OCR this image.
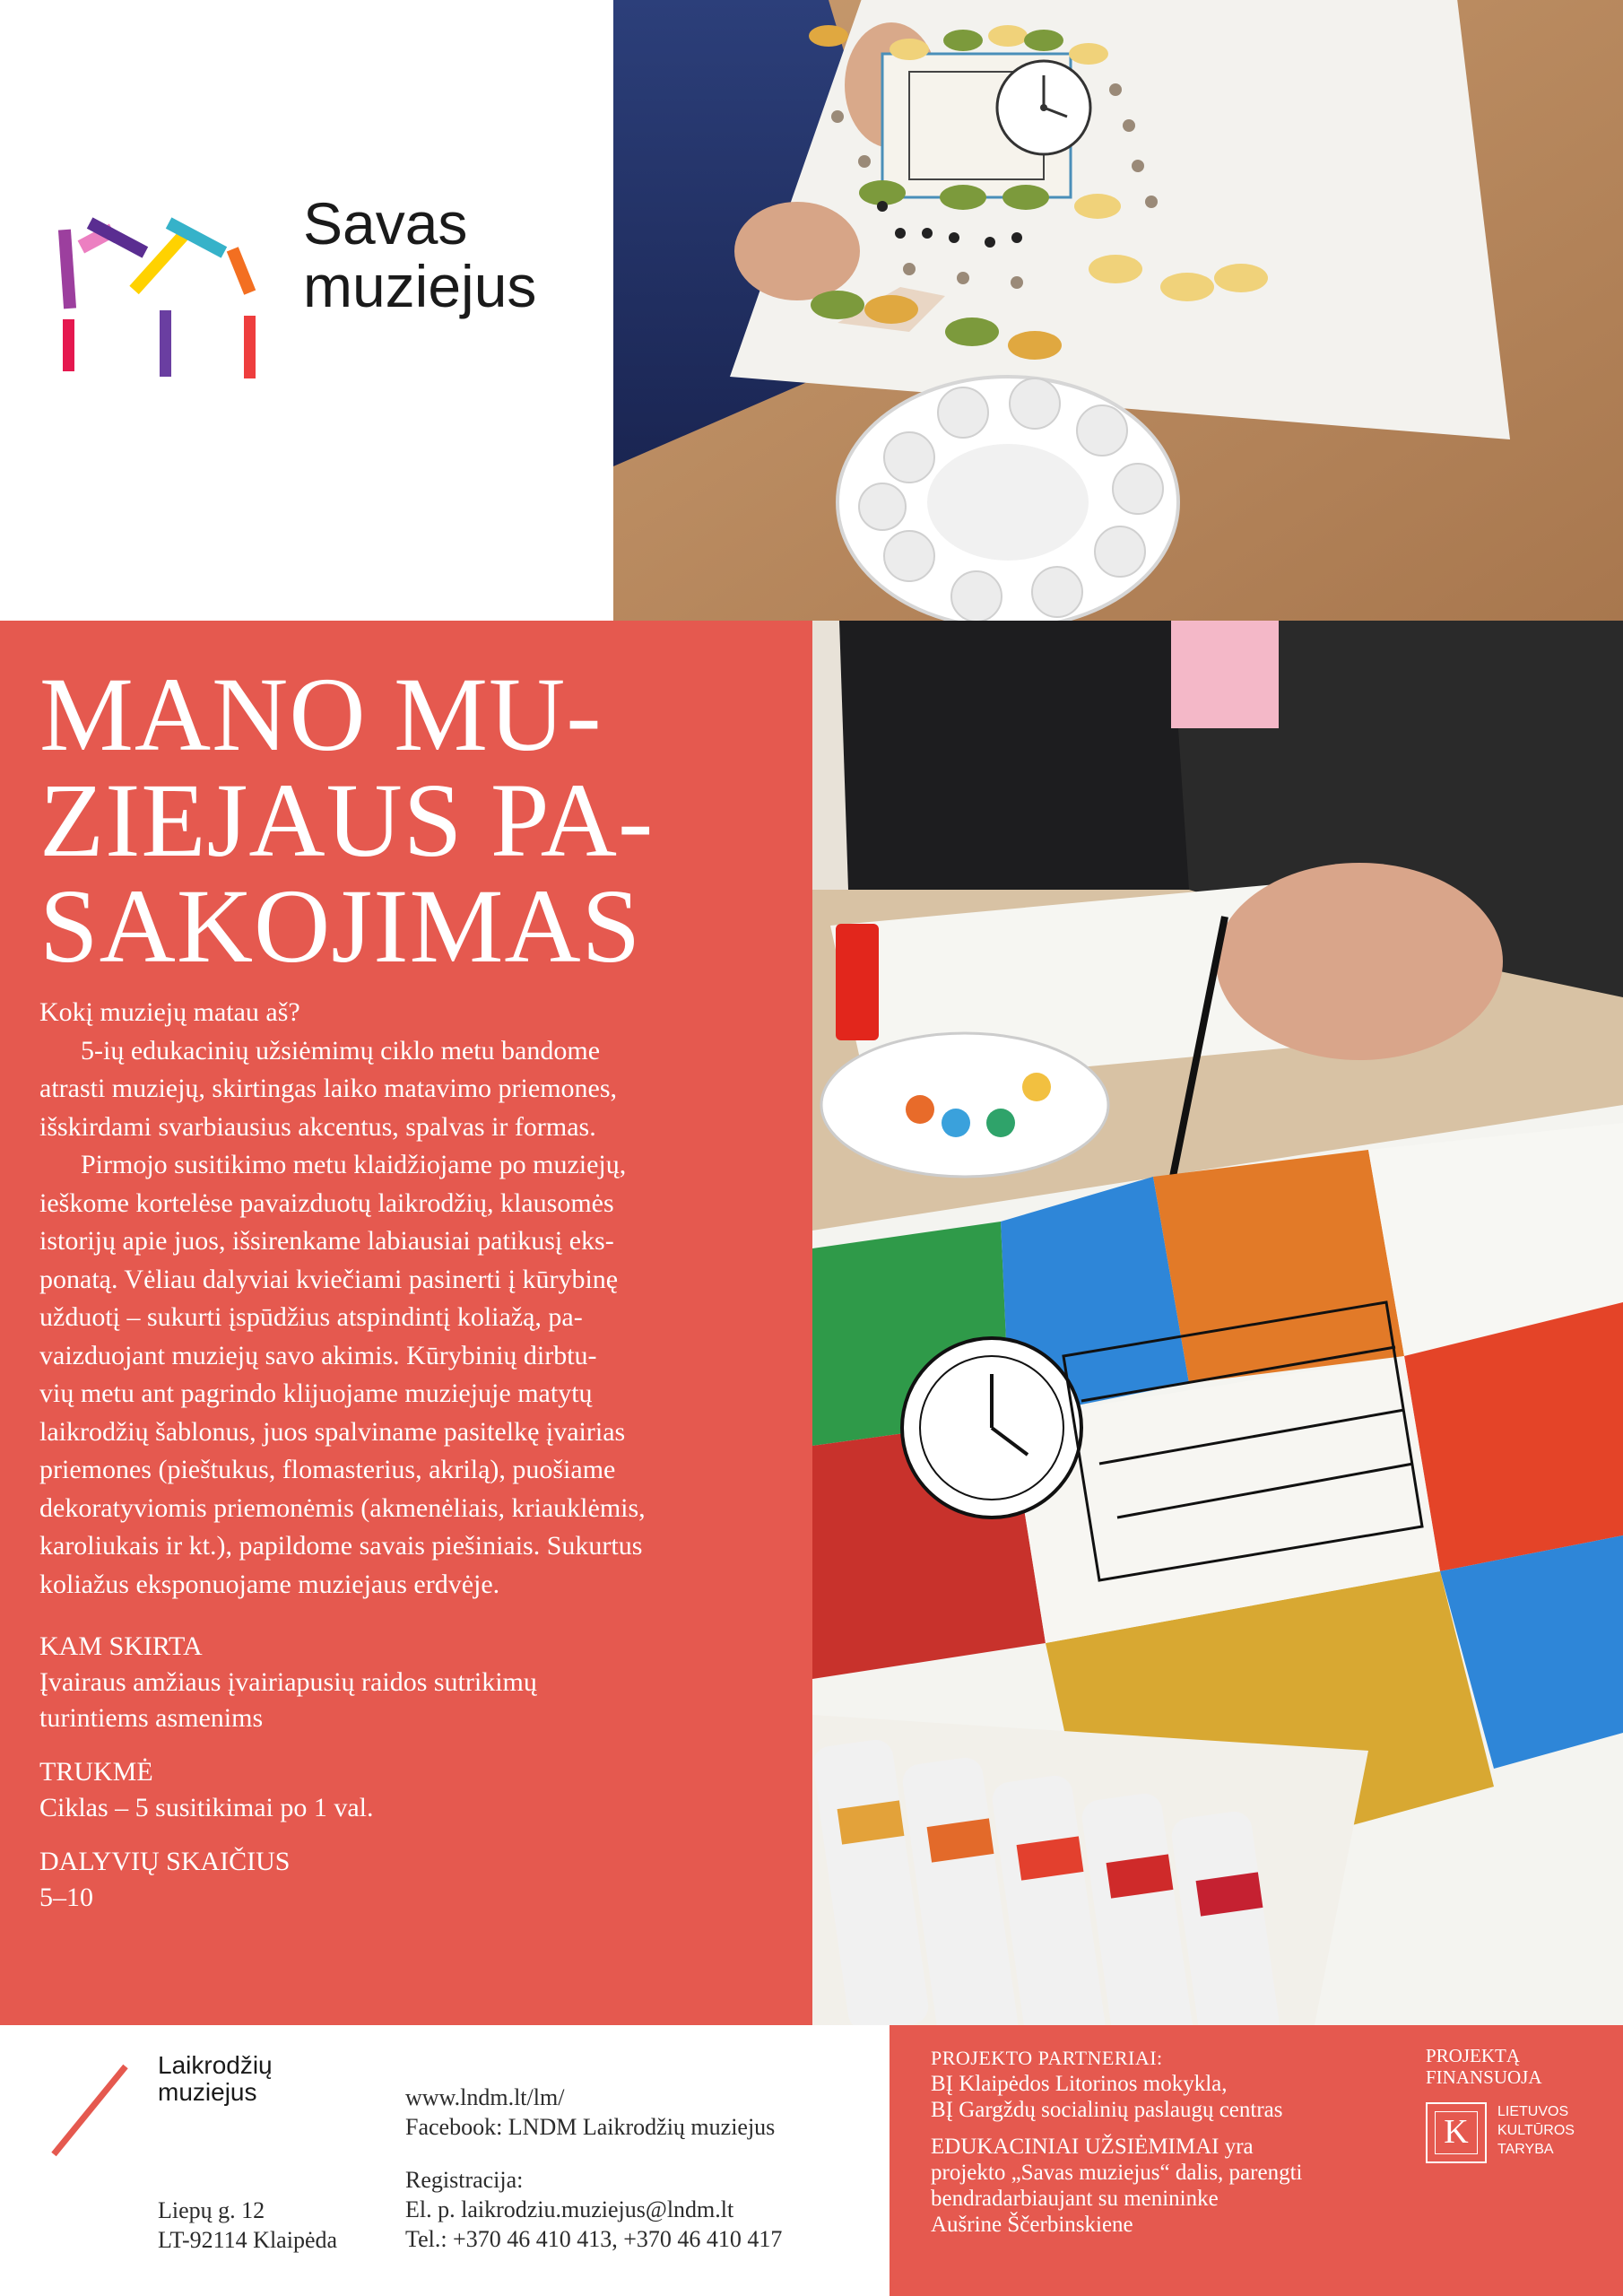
Savas
muziejus
MANO MU-
ZIEJAUS PA-
SAKOJIMAS

Kokį muziejų matau aš?

5-ių edukacinių užsiėmimų ciklo metu bandome

atrasti muziejų, skirtingas laiko matavimo priemones,

išskirdami svarbiausius akcentus, spalvas ir formas.

Pirmojo susitikimo metu klaidžiojame po muziejų,

ieškome kortelėse pavaizduotų laikrodžių, klausomės

istorijų apie juos, išsirenkame labiausiai patikusį eks-

ponatą. Vėliau dalyviai kviečiami pasinerti į kūrybinę

užduotį – sukurti įspūdžius atspindintį koliažą, pa-

vaizduojant muziejų savo akimis. Kūrybinių dirbtu-

vių metu ant pagrindo klijuojame muziejuje matytų

laikrodžių šablonus, juos spalviname pasitelkę įvairias

priemones (pieštukus, flomasterius, akrilą), puošiame

dekoratyviomis priemonėmis (akmenėliais, kriauklėmis,

karoliukais ir kt.), papildome savais piešiniais. Sukurtus

koliažus eksponuojame muziejaus erdvėje.

KAM SKIRTA
Įvairaus amžiaus įvairiapusių raidos sutrikimų
turintiems asmenims
TRUKMĖ
Ciklas – 5 susitikimai po 1 val.
DALYVIŲ SKAIČIUS
5–10
Laikrodžių
muziejus
Liepų g. 12
LT-92114 Klaipėda
www.lndm.lt/lm/
Facebook: LNDM Laikrodžių muziejus
Registracija:
El. p. laikrodziu.muziejus@lndm.lt
Tel.: +370 46 410 413, +370 46 410 417
PROJEKTO PARTNERIAI:
BĮ Klaipėdos Litorinos mokykla,
BĮ Gargždų socialinių paslaugų centras
EDUKACINIAI UŽSIĖMIMAI yra
projekto „Savas muziejus“ dalis, parengti
bendradarbiaujant su menininke
Aušrine Ščerbinskiene
PROJEKTĄ
FINANSUOJA
K
LIETUVOS
KULTŪROS
TARYBA
